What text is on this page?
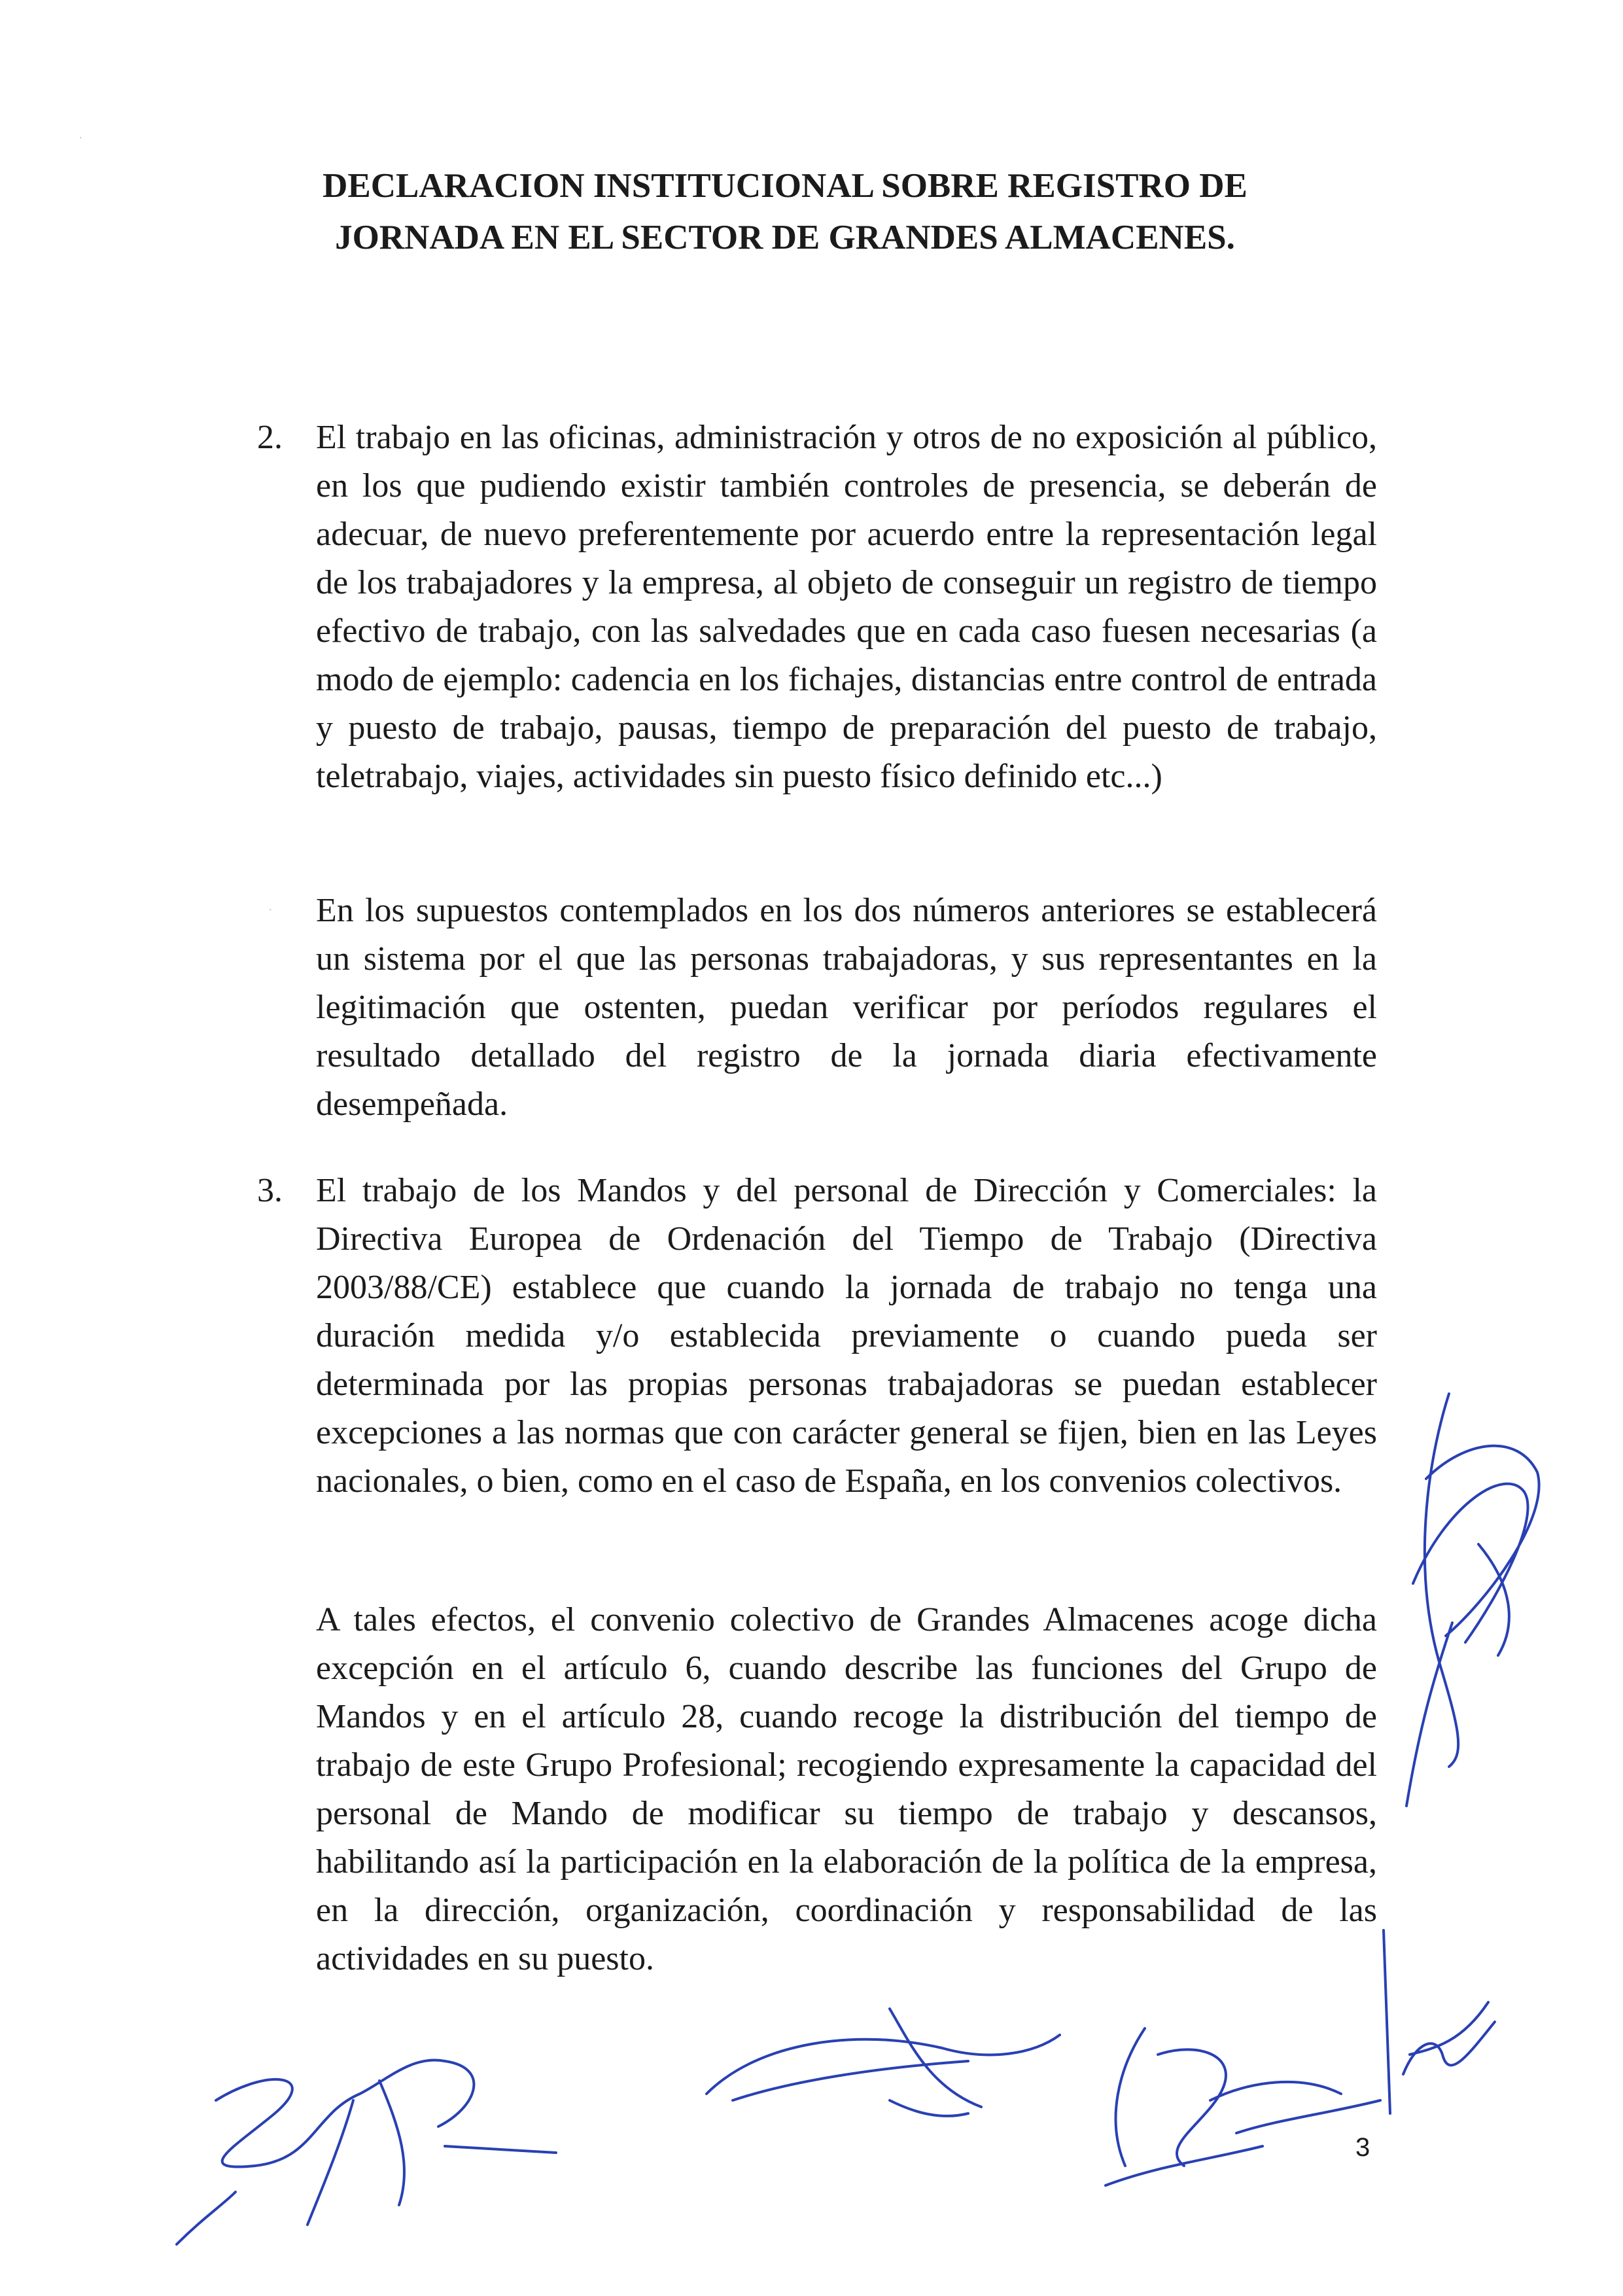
DECLARACION INSTITUCIONAL SOBRE REGISTRO DE
JORNADA EN EL SECTOR DE GRANDES ALMACENES.
2. El trabajo en las oficinas, administración y otros de no exposición al público, en los que pudiendo existir también controles de presencia, se deberán de adecuar, de nuevo preferentemente por acuerdo entre la representación legal de los trabajadores y la empresa, al objeto de conseguir un registro de tiempo efectivo de trabajo, con las salvedades que en cada caso fuesen necesarias (a modo de ejemplo: cadencia en los fichajes, distancias entre control de entrada y puesto de trabajo, pausas, tiempo de preparación del puesto de trabajo, teletrabajo, viajes, actividades sin puesto físico definido etc...)
En los supuestos contemplados en los dos números anteriores se establecerá un sistema por el que las personas trabajadoras, y sus representantes en la legitimación que ostenten, puedan verificar por períodos regulares el resultado detallado del registro de la jornada diaria efectivamente desempeñada.
3. El trabajo de los Mandos y del personal de Dirección y Comerciales: la Directiva Europea de Ordenación del Tiempo de Trabajo (Directiva 2003/88/CE) establece que cuando la jornada de trabajo no tenga una duración medida y/o establecida previamente o cuando pueda ser determinada por las propias personas trabajadoras se puedan establecer excepciones a las normas que con carácter general se fijen, bien en las Leyes nacionales, o bien, como en el caso de España, en los convenios colectivos.
A tales efectos, el convenio colectivo de Grandes Almacenes acoge dicha excepción en el artículo 6, cuando describe las funciones del Grupo de Mandos y en el artículo 28, cuando recoge la distribución del tiempo de trabajo de este Grupo Profesional; recogiendo expresamente la capacidad del personal de Mando de modificar su tiempo de trabajo y descansos, habilitando así la participación en la elaboración de la política de la empresa, en la dirección, organización, coordinación y responsabilidad de las actividades en su puesto.
3
·
·
